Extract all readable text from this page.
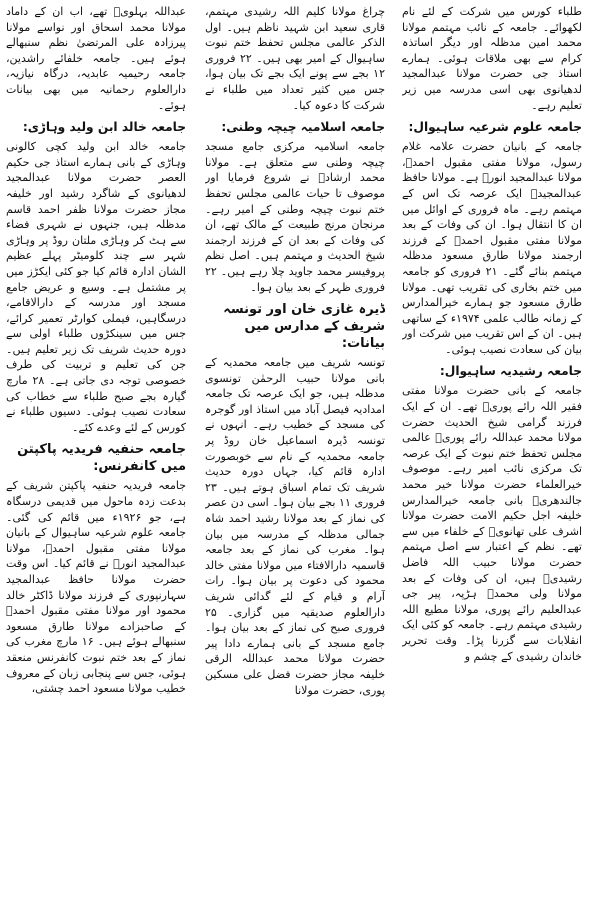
طلباء کورس میں شرکت کے لئے نام لکھوائے۔ جامعہ کے نائب مہتمم مولانا محمد امین مدظلہ اور دیگر اساتذہ کرام سے بھی ملاقات ہوئی۔ ہمارے استاذ جی حضرت مولانا عبدالمجید لدھیانوی بھی اسی مدرسہ میں زیر تعلیم رہے۔
جامعہ علوم شرعیہ ساہیوال:
جامعہ کے بانیان حضرت علامہ غلام رسول، مولانا مفتی مقبول احمدؒ، مولانا عبدالمجید انورؒ ہے۔ مولانا حافظ عبدالمجیدؒ ایک عرصہ تک اس کے مہتمم رہے۔ ماہ فروری کے اوائل میں ان کا انتقال ہوا۔ ان کی وفات کے بعد مولانا مفتی مقبول احمدؒ کے فرزند ارجمند مولانا طارق مسعود مدظلہ مہتمم بنائے گئے۔ ۲۱ فروری کو جامعہ میں ختم بخاری کی تقریب تھی۔ مولانا طارق مسعود جو ہمارے خیرالمدارس کے زمانہ طالب علمی ۱۹۷۴ء کے ساتھی ہیں۔ ان کے اس تقریب میں شرکت اور بیان کی سعادت نصیب ہوئی۔
جامعہ رشیدیہ ساہیوال:
جامعہ کے بانی حضرت مولانا مفتی فقیر اللہ رائے پوریؒ تھے۔ ان کے ایک فرزند گرامی شیخ الحدیث حضرت مولانا محمد عبداللہ رائے پوریؒ عالمی مجلس تحفظ ختم نبوت کے ایک عرصہ تک مرکزی نائب امیر رہے۔ موصوف خیرالعلماء حضرت مولانا خیر محمد جالندھریؒ بانی جامعہ خیرالمدارس خلیفہ اجل حکیم الامت حضرت مولانا اشرف علی تھانویؒ کے خلفاء میں سے تھے۔ نظم کے اعتبار سے اصل مہتمم حضرت مولانا حبیب اللہ فاضل رشیدیؒ ہیں، ان کی وفات کے بعد مولانا ولی محمدؒ ہڑپہ، پیر جی عبدالعلیم رائے پوری، مولانا مطیع اللہ رشیدی مہتمم رہے۔ جامعہ کو کئی ایک انقلابات سے گزرنا پڑا۔ وقت تحریر خاندان رشیدی کے چشم و
چراغ مولانا کلیم اللہ رشیدی مہتمم، قاری سعید ابن شہید ناظم ہیں۔ اول الذکر عالمی مجلس تحفظ ختم نبوت ساہیوال کے امیر بھی ہیں۔ ۲۲ فروری ۱۲ بجے سے پونے ایک بجے تک بیان ہوا، جس میں کثیر تعداد میں طلباء نے شرکت کا دعوہ کیا۔
جامعہ اسلامیہ چیچہ وطنی:
جامعہ اسلامیہ مرکزی جامع مسجد چیچہ وطنی سے متعلق ہے۔ مولانا محمد ارشادؒ نے شروع فرمایا اور موصوف تا حیات عالمی مجلس تحفظ ختم نبوت چیچہ وطنی کے امیر رہے۔ مرنجان مرنج طبیعت کے مالک تھے، ان کی وفات کے بعد ان کے فرزند ارجمند شیخ الحدیث و مہتمم ہیں۔ اصل نظم پروفیسر محمد جاوید چلا رہے ہیں۔ ۲۲ فروری ظہر کے بعد بیان ہوا۔
ڈیرہ غازی خان اور تونسہ شریف کے مدارس میں بیانات:
تونسہ شریف میں جامعہ محمدیہ کے بانی مولانا حبیب الرحمٰن تونسوی مدظلہ ہیں، جو ایک عرصہ تک جامعہ امدادیہ فیصل آباد میں استاذ اور گوجرہ کی مسجد کے خطیب رہے۔ انہوں نے تونسہ ڈیرہ اسماعیل خان روڈ پر جامعہ محمدیہ کے نام سے خوبصورت ادارہ قائم کیا، جہاں دورہ حدیث شریف تک تمام اسباق ہوتے ہیں۔ ۲۳ فروری ۱۱ بجے بیان ہوا۔ اسی دن عصر کی نماز کے بعد مولانا رشید احمد شاہ جمالی مدظلہ کے مدرسہ میں بیان ہوا۔ مغرب کی نماز کے بعد جامعہ قاسمیہ دارالافتاء میں مولانا مفتی خالد محمود کی دعوت پر بیان ہوا۔ رات آرام و قیام کے لئے گدائی شریف دارالعلوم صدیقیہ میں گزاری۔ ۲۵ فروری صبح کی نماز کے بعد بیان ہوا۔ جامع مسجد کے بانی ہمارے دادا پیر حضرت مولانا محمد عبداللہ الرقی خلیفہ مجاز حضرت فضل علی مسکین پوری، حضرت مولانا
عبداللہ بہلویؒ تھے، اب ان کے داماد مولانا محمد اسحاق اور نواسے مولانا پیرزادہ علی المرتضیٰ نظم سنبھالے ہوئے ہیں۔ جامعہ خلفائے راشدین، جامعہ رحیمیہ عابدیہ، درگاہ نیازیہ، دارالعلوم رحمانیہ میں بھی بیانات ہوئے۔
جامعہ خالد ابن ولید وہاڑی:
جامعہ خالد ابن ولید کچی کالونی وہاڑی کے بانی ہمارے استاذ جی حکیم العصر حضرت مولانا عبدالمجید لدھیانوی کے شاگرد رشید اور خلیفہ مجاز حضرت مولانا ظفر احمد قاسم مدظلہ ہیں، جنہوں نے شہری فضاء سے ہٹ کر وہاڑی ملتان روڈ پر وہاڑی شہر سے چند کلومیٹر پہلے عظیم الشان ادارہ قائم کیا جو کئی ایکڑز میں پر مشتمل ہے۔ وسیع و عریض جامع مسجد اور مدرسہ کے دارالاقامے، درسگاہیں، فیملی کوارٹر تعمیر کرائے، جس میں سینکڑوں طلباء اولی سے دورہ حدیث شریف تک زیر تعلیم ہیں۔ جن کی تعلیم و تربیت کی طرف خصوصی توجہ دی جاتی ہے۔ ۲۸ مارچ گیارہ بجے صبح طلباء سے خطاب کی سعادت نصیب ہوئی۔ دسیوں طلباء نے کورس کے لئے وعدے کئے۔
جامعہ حنفیہ فریدیہ پاکپتن میں کانفرنس:
جامعہ فریدیہ حنفیہ پاکپتن شریف کے بدعت زدہ ماحول میں قدیمی درسگاہ ہے، جو ۱۹۲۶ء میں قائم کی گئی۔ جامعہ علوم شرعیہ ساہیوال کے بانیان مولانا مفتی مقبول احمدؒ، مولانا عبدالمجید انورؒ نے قائم کیا۔ اس وقت حضرت مولانا حافظ عبدالمجید سہارنپوری کے فرزند مولانا ڈاکٹر خالد محمود اور مولانا مفتی مقبول احمدؒ کے صاحبزادے مولانا طارق مسعود سنبھالے ہوئے ہیں۔ ۱۶ مارچ مغرب کی نماز کے بعد ختم نبوت کانفرنس منعقد ہوئی، جس سے پنجابی زبان کے معروف خطیب مولانا مسعود احمد چشتی،
